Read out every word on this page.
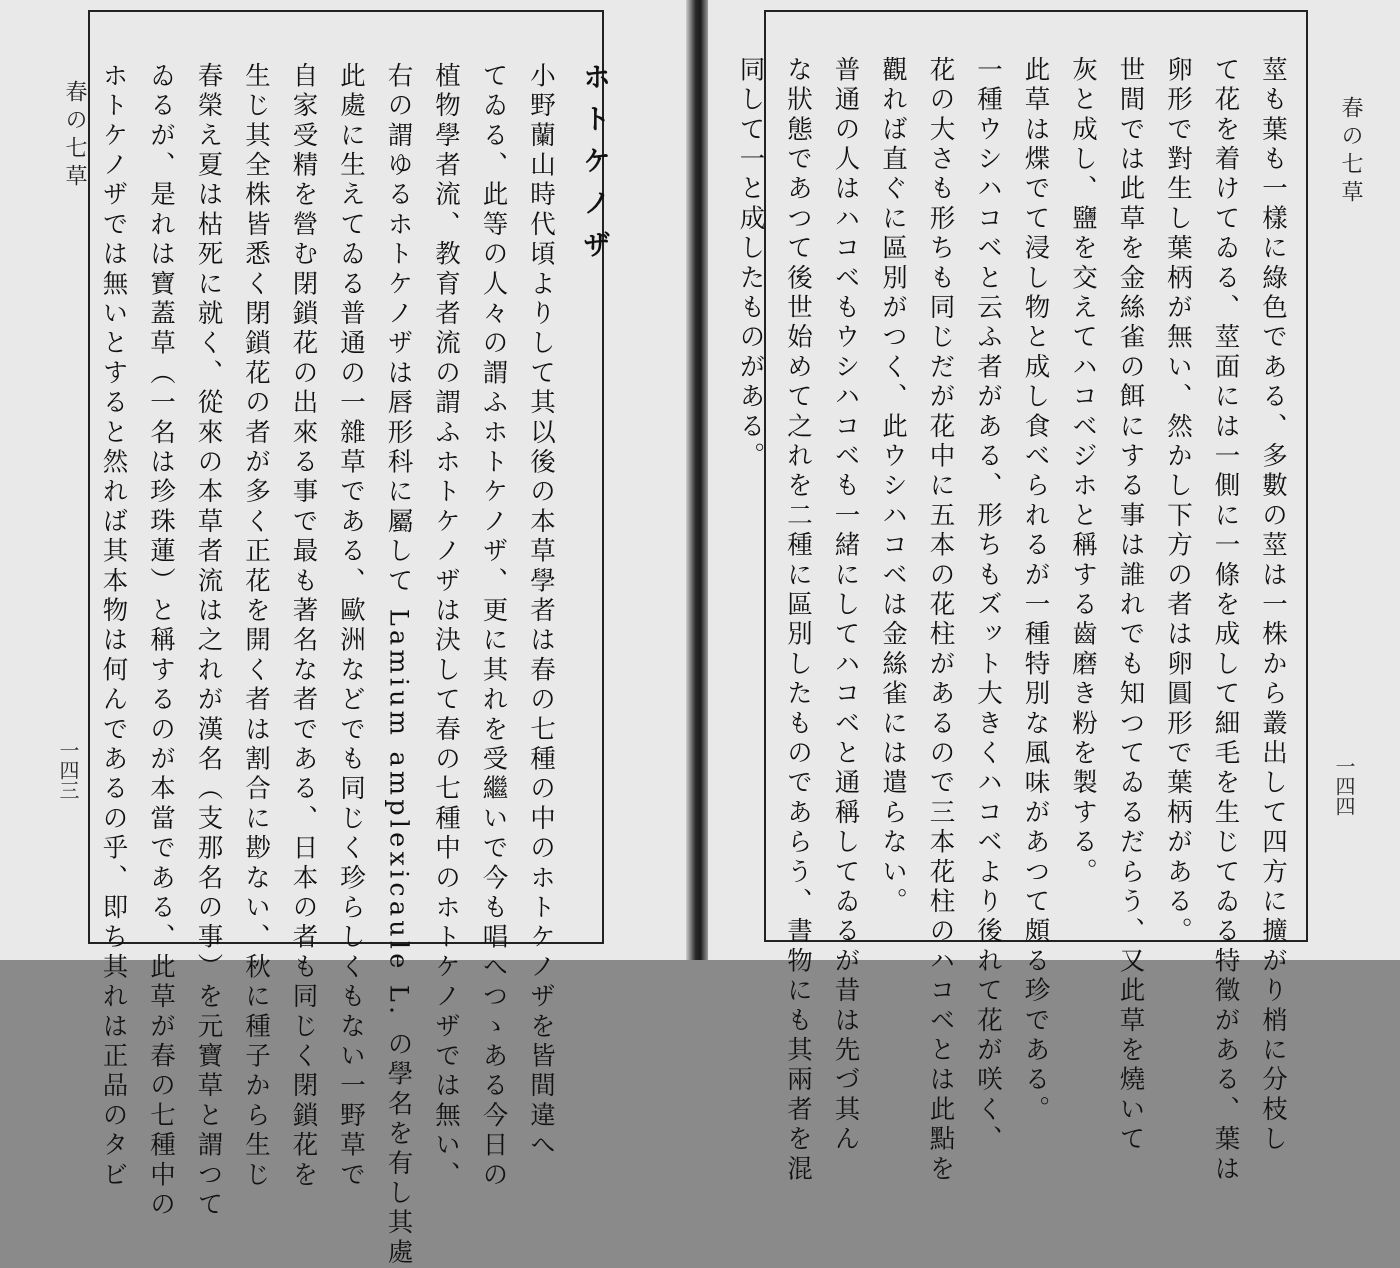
ホトケノザ
小野蘭山時代頃よりして其以後の本草學者は春の七種の中のホトケノザを皆間違へ
てゐる、此等の人々の謂ふホトケノザ、更に其れを受繼いで今も唱へつゝある今日の
植物學者流、教育者流の謂ふホトケノザは決して春の七種中のホトケノザでは無い、
右の謂ゆるホトケノザは唇形科に屬して Lamium amplexicaule L. の學名を有し其處
此處に生えてゐる普通の一雜草である、歐洲などでも同じく珍らしくもない一野草で
自家受精を營む閉鎖花の出來る事で最も著名な者である、日本の者も同じく閉鎖花を
生じ其全株皆悉く閉鎖花の者が多く正花を開く者は割合に尠ない、秋に種子から生じ
春榮え夏は枯死に就く、從來の本草者流は之れが漢名（支那名の事）を元寶草と謂つて
ゐるが、是れは寶蓋草（一名は珍珠蓮）と稱するのが本當である、此草が春の七種中の
ホトケノザでは無いとすると然れば其本物は何んであるの乎、即ち其れは正品のタビ
春の七草
一四三	莖も葉も一樣に綠色である、多數の莖は一株から叢出して四方に擴がり梢に分枝し
て花を着けてゐる、莖面には一側に一條を成して細毛を生じてゐる特徵がある、葉は
卵形で對生し葉柄が無い、然かし下方の者は卵圓形で葉柄がある。
世間では此草を金絲雀の餌にする事は誰れでも知つてゐるだらう、又此草を燒いて
灰と成し、鹽を交えてハコベジホと稱する齒磨き粉を製する。
此草は煠でて浸し物と成し食べられるが一種特別な風味があつて頗る珍である。
一種ウシハコベと云ふ者がある、形ちもズット大きくハコベより後れて花が咲く、
花の大さも形ちも同じだが花中に五本の花柱があるので三本花柱のハコベとは此點を
觀れば直ぐに區別がつく、此ウシハコベは金絲雀には遣らない。
普通の人はハコベもウシハコベも一緒にしてハコベと通稱してゐるが昔は先づ其ん
な狀態であつて後世始めて之れを二種に區別したものであらう、書物にも其兩者を混
同して一と成したものがある。	春の七草
一四四
